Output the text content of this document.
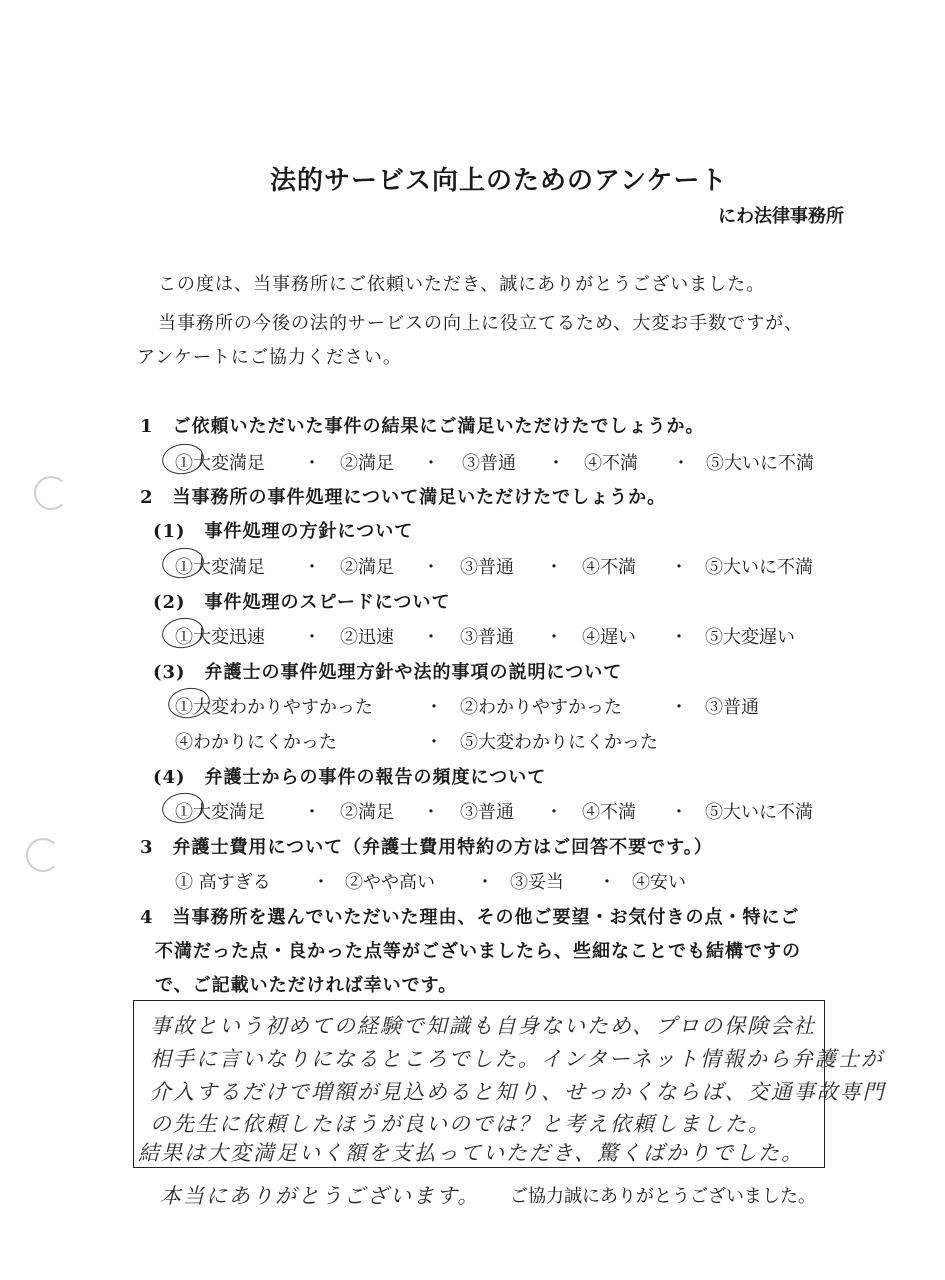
法的サービス向上のためのアンケート
にわ法律事務所
この度は、当事務所にご依頼いただき、誠にありがとうございました。
当事務所の今後の法的サービスの向上に役立てるため、大変お手数ですが、
アンケートにご協力ください。
1　ご依頼いただいた事件の結果にご満足いただけたでしょうか。
①大変満足 ・ ②満足 ・ ③普通 ・ ④不満 ・ ⑤大いに不満
2　当事務所の事件処理について満足いただけたでしょうか。
(1)　事件処理の方針について
①大変満足 ・ ②満足 ・ ③普通 ・ ④不満 ・ ⑤大いに不満
(2)　事件処理のスピードについて
①大変迅速 ・ ②迅速 ・ ③普通 ・ ④遅い ・ ⑤大変遅い
(3)　弁護士の事件処理方針や法的事項の説明について
①大変わかりやすかった	・ ②わかりやすかった	・ ③普通
④わかりにくかった	・ ⑤大変わかりにくかった
(4)　弁護士からの事件の報告の頻度について
①大変満足 ・ ②満足 ・ ③普通 ・ ④不満 ・ ⑤大いに不満
3　弁護士費用について（弁護士費用特約の方はご回答不要です。）
① 高すぎる ・ ②やや高い ・ ③妥当 ・ ④安い
4　当事務所を選んでいただいた理由、その他ご要望・お気付きの点・特にご
不満だった点・良かった点等がございましたら、些細なことでも結構ですの
で、ご記載いただければ幸いです。
事故という初めての経験で知識も自身ないため、プロの保険会社
相手に言いなりになるところでした。インターネット情報から弁護士が
介入するだけで増額が見込めると知り、せっかくならば、交通事故専門
の先生に依頼したほうが良いのでは？と考え依頼しました。
結果は大変満足いく額を支払っていただき、驚くばかりでした。
本当にありがとうございます。 ご協力誠にありがとうございました。
